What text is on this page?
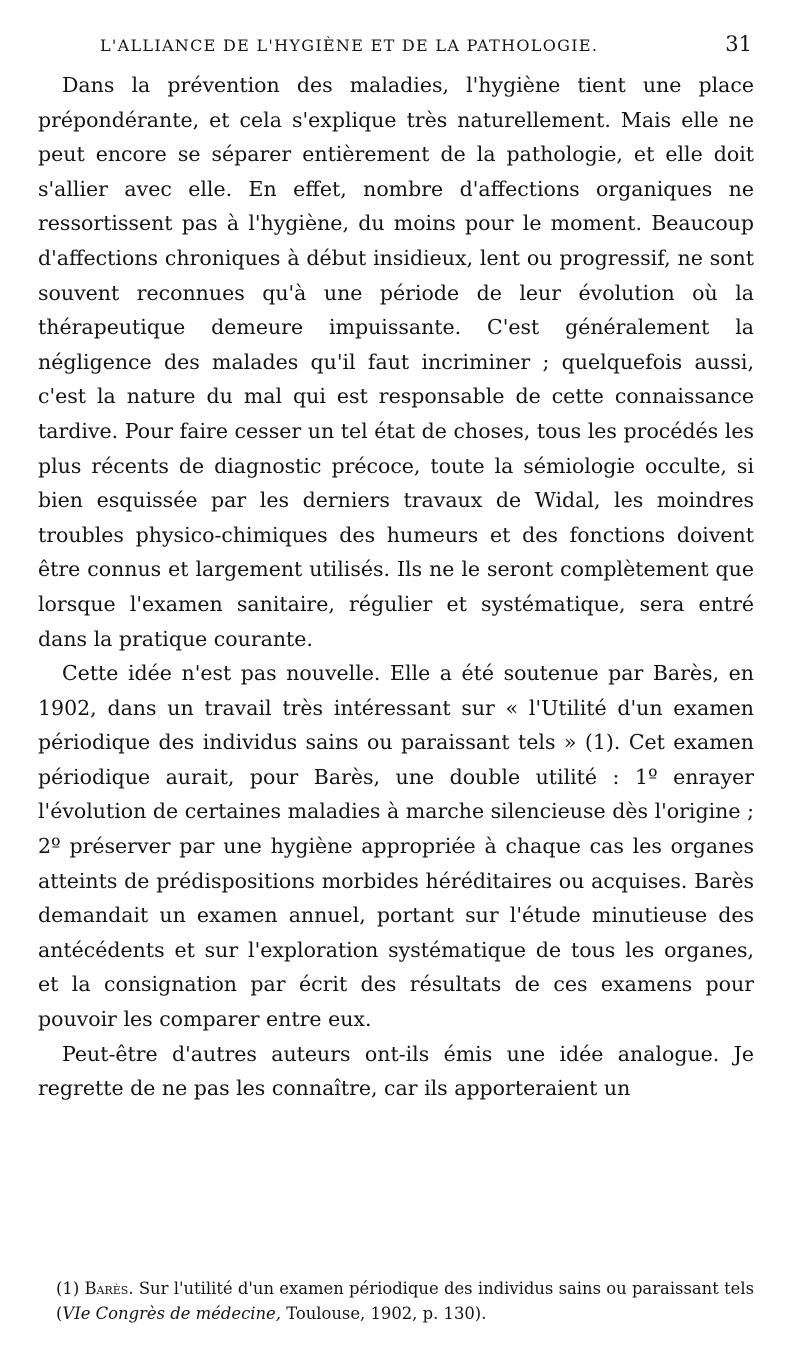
L'ALLIANCE DE L'HYGIÈNE ET DE LA PATHOLOGIE.	31

Dans la prévention des maladies, l'hygiène tient une place prépondérante, et cela s'explique très naturellement. Mais elle ne peut encore se séparer entièrement de la pathologie, et elle doit s'allier avec elle. En effet, nombre d'affections organiques ne ressortissent pas à l'hygiène, du moins pour le moment. Beaucoup d'affections chroniques à début insidieux, lent ou progressif, ne sont souvent reconnues qu'à une période de leur évolution où la thérapeutique demeure impuissante. C'est généralement la négligence des malades qu'il faut incriminer ; quelquefois aussi, c'est la nature du mal qui est responsable de cette connaissance tardive. Pour faire cesser un tel état de choses, tous les procédés les plus récents de diagnostic précoce, toute la sémiologie occulte, si bien esquissée par les derniers travaux de Widal, les moindres troubles physico-chimiques des humeurs et des fonctions doivent être connus et largement utilisés. Ils ne le seront complètement que lorsque l'examen sanitaire, régulier et systématique, sera entré dans la pratique courante.

Cette idée n'est pas nouvelle. Elle a été soutenue par Barès, en 1902, dans un travail très intéressant sur « l'Utilité d'un examen périodique des individus sains ou paraissant tels » (1). Cet examen périodique aurait, pour Barès, une double utilité : 1º enrayer l'évolution de certaines maladies à marche silencieuse dès l'origine ; 2º préserver par une hygiène appropriée à chaque cas les organes atteints de prédispositions morbides héréditaires ou acquises. Barès demandait un examen annuel, portant sur l'étude minutieuse des antécédents et sur l'exploration systématique de tous les organes, et la consignation par écrit des résultats de ces examens pour pouvoir les comparer entre eux.

Peut-être d'autres auteurs ont-ils émis une idée analogue. Je regrette de ne pas les connaître, car ils apporteraient un

(1) Barès. Sur l'utilité d'un examen périodique des individus sains ou paraissant tels (VIe Congrès de médecine, Toulouse, 1902, p. 130).
